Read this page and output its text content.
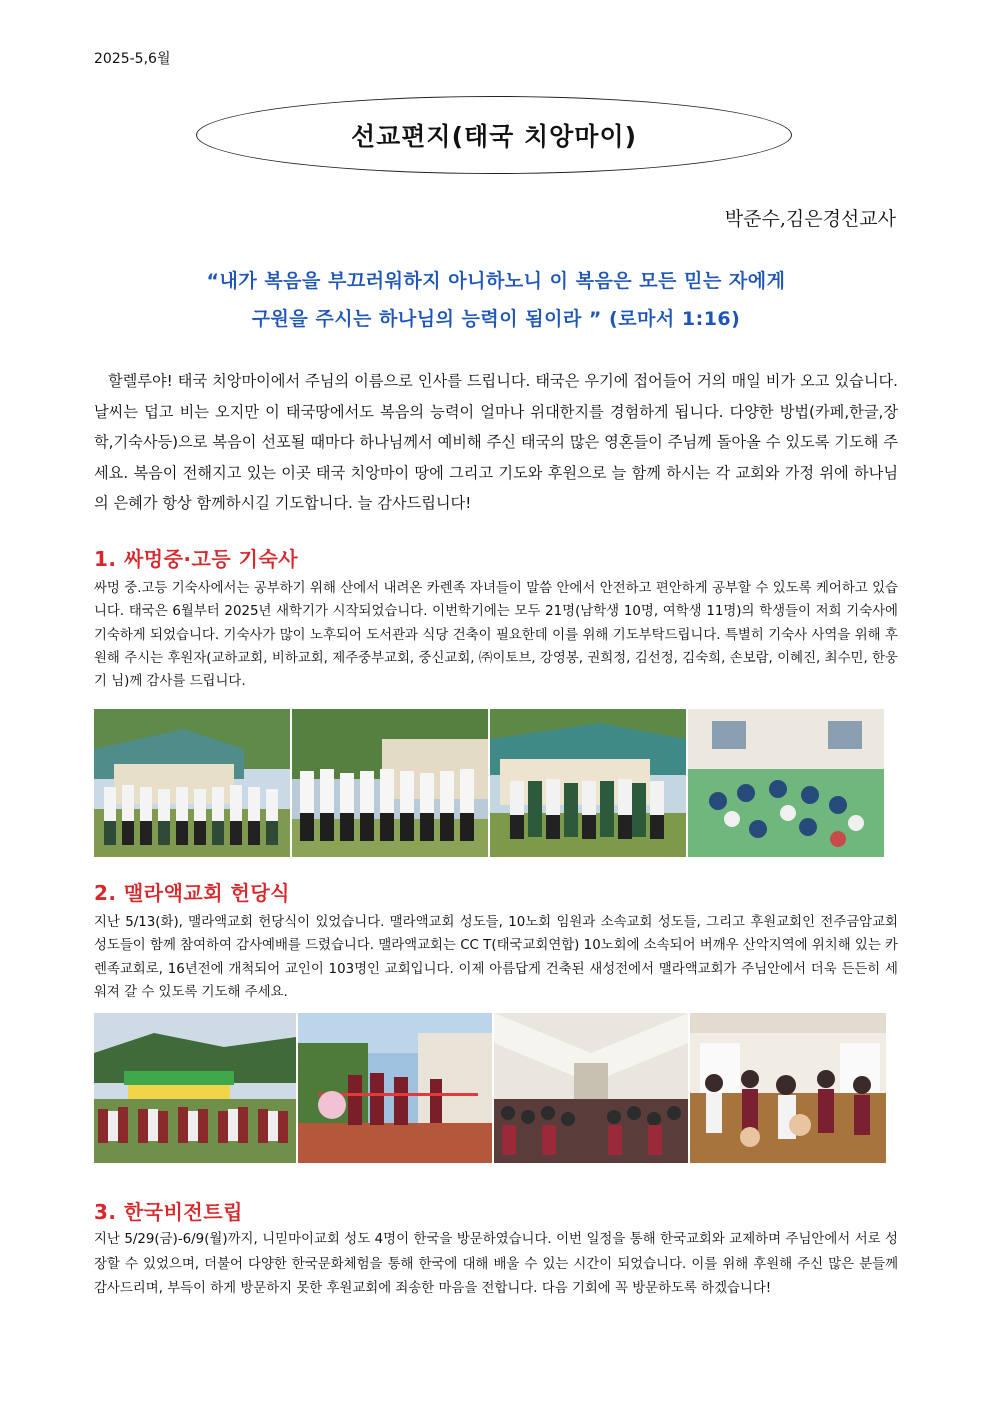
2025-5,6월
선교편지(태국 치앙마이)
박준수,김은경선교사
“내가 복음을 부끄러워하지 아니하노니 이 복음은 모든 믿는 자에게
구원을 주시는 하나님의 능력이 됨이라 ” (로마서 1:16)

할렐루야! 태국 치앙마이에서 주님의 이름으로 인사를 드립니다. 태국은 우기에 접어들어 거의 매일 비가 오고 있습니다. 날씨는 덥고 비는 오지만 이 태국땅에서도 복음의 능력이 얼마나 위대한지를 경험하게 됩니다. 다양한 방법(카페,한글,장학,기숙사등)으로 복음이 선포될 때마다 하나님께서 예비해 주신 태국의 많은 영혼들이 주님께 돌아올 수 있도록 기도해 주세요. 복음이 전해지고 있는 이곳 태국 치앙마이 땅에 그리고 기도와 후원으로 늘 함께 하시는 각 교회와 가정 위에 하나님의 은혜가 항상 함께하시길 기도합니다. 늘 감사드립니다!

1. 싸멍중·고등 기숙사

싸멍 중.고등 기숙사에서는 공부하기 위해 산에서 내려온 카렌족 자녀들이 말씀 안에서 안전하고 편안하게 공부할 수 있도록 케어하고 있습니다. 태국은 6월부터 2025년 새학기가 시작되었습니다. 이번학기에는 모두 21명(남학생 10명, 여학생 11명)의 학생들이 저희 기숙사에 기숙하게 되었습니다. 기숙사가 많이 노후되어 도서관과 식당 건축이 필요한데 이를 위해 기도부탁드립니다. 특별히 기숙사 사역을 위해 후원해 주시는 후원자(교하교회, 비하교회, 제주중부교회, 중신교회, ㈜이토브, 강영봉, 권희정, 김선정, 김숙희, 손보람, 이혜진, 최수민, 한웅기 님)께 감사를 드립니다.

2. 맬라액교회 헌당식

지난 5/13(화), 맬라액교회 헌당식이 있었습니다. 맬라액교회 성도들, 10노회 임원과 소속교회 성도들, 그리고 후원교회인 전주금암교회 성도들이 함께 참여하여 감사예배를 드렸습니다. 맬라액교회는 CC T(태국교회연합) 10노회에 소속되어 버깨우 산악지역에 위치해 있는 카렌족교회로, 16년전에 개척되어 교인이 103명인 교회입니다. 이제 아름답게 건축된 새성전에서 맬라액교회가 주님안에서 더욱 든든히 세워져 갈 수 있도록 기도해 주세요.

3. 한국비전트립

지난 5/29(금)-6/9(월)까지, 니믿마이교회 성도 4명이 한국을 방문하였습니다. 이번 일정을 통해 한국교회와 교제하며 주님안에서 서로 성장할 수 있었으며, 더불어 다양한 한국문화체험을 통해 한국에 대해 배울 수 있는 시간이 되었습니다. 이를 위해 후원해 주신 많은 분들께 감사드리며, 부득이 하게 방문하지 못한 후원교회에 죄송한 마음을 전합니다. 다음 기회에 꼭 방문하도록 하겠습니다!
